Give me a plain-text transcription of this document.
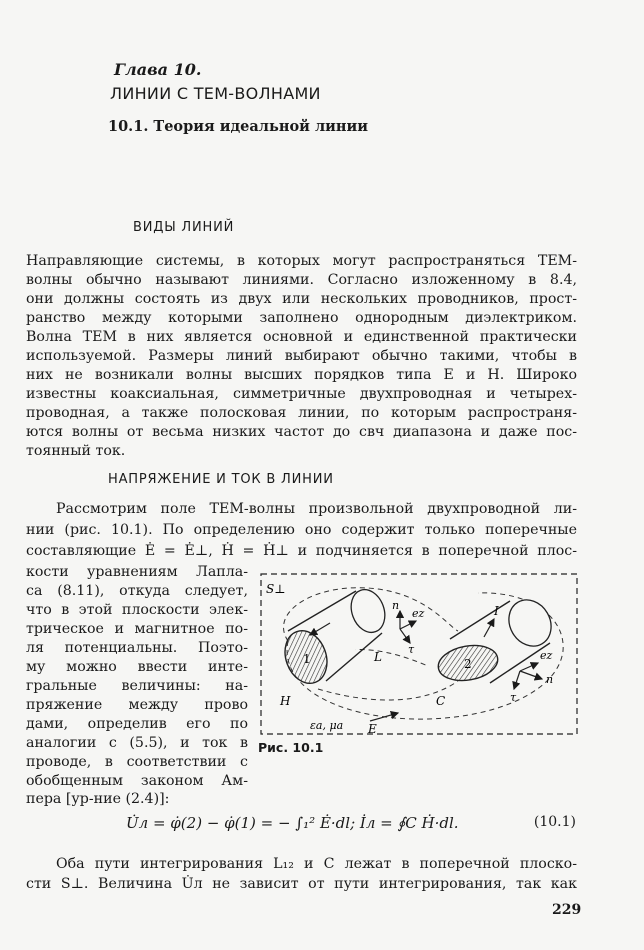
Глава 10.
ЛИНИИ С ТЕМ-ВОЛНАМИ
10.1. Теория идеальной линии
ВИДЫ ЛИНИЙ
Направляющие системы, в которых могут распространяться ТЕМ-
волны обычно называют линиями. Согласно изложенному в 8.4,
они должны состоять из двух или нескольких проводников, прост-
ранство между которыми заполнено однородным диэлектриком.
Волна ТЕМ в них является основной и единственной практически
используемой. Размеры линий выбирают обычно такими, чтобы в
них не возникали волны высших порядков типа E и H. Широко
известны коаксиальная, симметричные двухпроводная и четырех-
проводная, а также полосковая линии, по которым распространя-
ются волны от весьма низких частот до свч диапазона и даже пос-
тоянный ток.
НАПРЯЖЕНИЕ И ТОК В ЛИНИИ
Рассмотрим поле ТЕМ-волны произвольной двухпроводной ли-
нии (рис. 10.1). По определению оно содержит только поперечные
составляющие Ė = Ė⊥, Ḣ = Ḣ⊥ и подчиняется в поперечной плос-
кости уравнениям Лапла-
са (8.11), откуда следует,
что в этой плоскости элек-
трическое и магнитное по-
ля потенциальны. Поэто-
му можно ввести инте-
гральные величины: на-
пряжение между прово
дами, определив его по
аналогии с (5.5), и ток в
проводе, в соответствии с
обобщенным законом Ам-
пера [ур-ние (2.4)]:
S⊥
1	2
n
ez
τ
I
L
C
H
E
ez
n
τ
εa, μa
Рис. 10.1
U̇л = φ̇(2) − φ̇(1) = − ∫₁² Ė·dl; İл = ∮C Ḣ·dl.	(10.1)
Оба пути интегрирования L₁₂ и C лежат в поперечной плоско-
сти S⊥. Величина U̇л не зависит от пути интегрирования, так как
229
